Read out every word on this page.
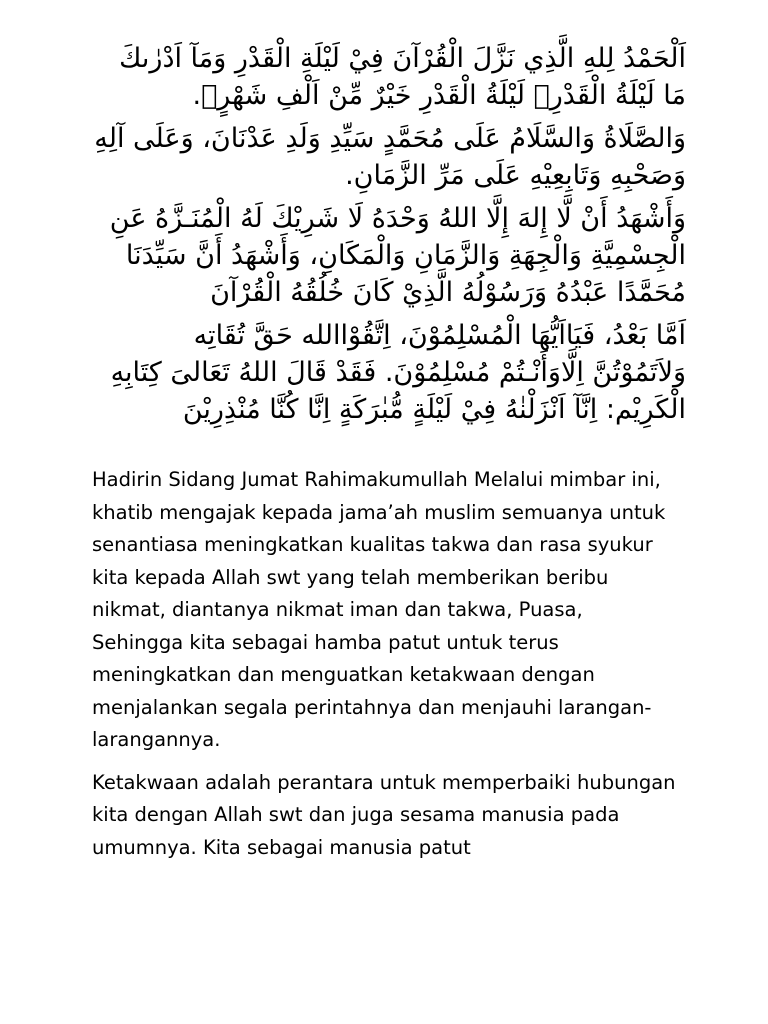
اَلْحَمْدُ لِلهِ الَّذِي نَزَّلَ الْقُرْآنَ فِيْ لَيْلَةِ الْقَدْرِ وَمَآ اَدْرٰىكَ مَا لَيْلَةُ الْقَدْرِۗ لَيْلَةُ الْقَدْرِ خَيْرٌ مِّنْ اَلْفِ شَهْرٍۗ.

وَالصَّلَاةُ وَالسَّلَامُ عَلَى مُحَمَّدٍ سَيِّدِ وَلَدِ عَدْنَانَ، وَعَلَى آلِهِ وَصَحْبِهِ وَتَابِعِيْهِ عَلَى مَرِّ الزَّمَانِ.

وَأَشْهَدُ أَنْ لَّا إِلهَ إِلَّا اللهُ وَحْدَهُ لَا شَرِيْكَ لَهُ الْمُنَـزَّهُ عَنِ الْجِسْمِيَّةِ وَالْجِهَةِ وَالزَّمَانِ وَالْمَكَانِ، وَأَشْهَدُ أَنَّ سَيِّدَنَا مُحَمَّدًا عَبْدُهُ وَرَسُوْلُهُ الَّذِيْ كَانَ خُلُقُهُ الْقُرْآنَ

اَمَّا بَعْدُ، فَيَااَيُّهَا الْمُسْلِمُوْنَ، اِتَّقُوْاالله حَقَّ تُقَاتِه وَلاَتَمُوْتُنَّ اِلَّاوَأَنْـتُمْ مُسْلِمُوْنَ. فَقَدْ قَالَ اللهُ تَعَالىَ كِتَابِهِ الْكَرِيْم: اِنَّآ اَنْزَلْنٰهُ فِيْ لَيْلَةٍ مُّبٰرَكَةٍ اِنَّا كُنَّا مُنْذِرِيْنَ

Hadirin Sidang Jumat Rahimakumullah Melalui mimbar ini, khatib mengajak kepada jama’ah muslim semuanya untuk senantiasa meningkatkan kualitas takwa dan rasa syukur kita kepada Allah swt yang telah memberikan beribu nikmat, diantanya nikmat iman dan takwa, Puasa, Sehingga kita sebagai hamba patut untuk terus meningkatkan dan menguatkan ketakwaan dengan menjalankan segala perintahnya dan menjauhi larangan-larangannya.

Ketakwaan adalah perantara untuk memperbaiki hubungan kita dengan Allah swt dan juga sesama manusia pada umumnya. Kita sebagai manusia patut
